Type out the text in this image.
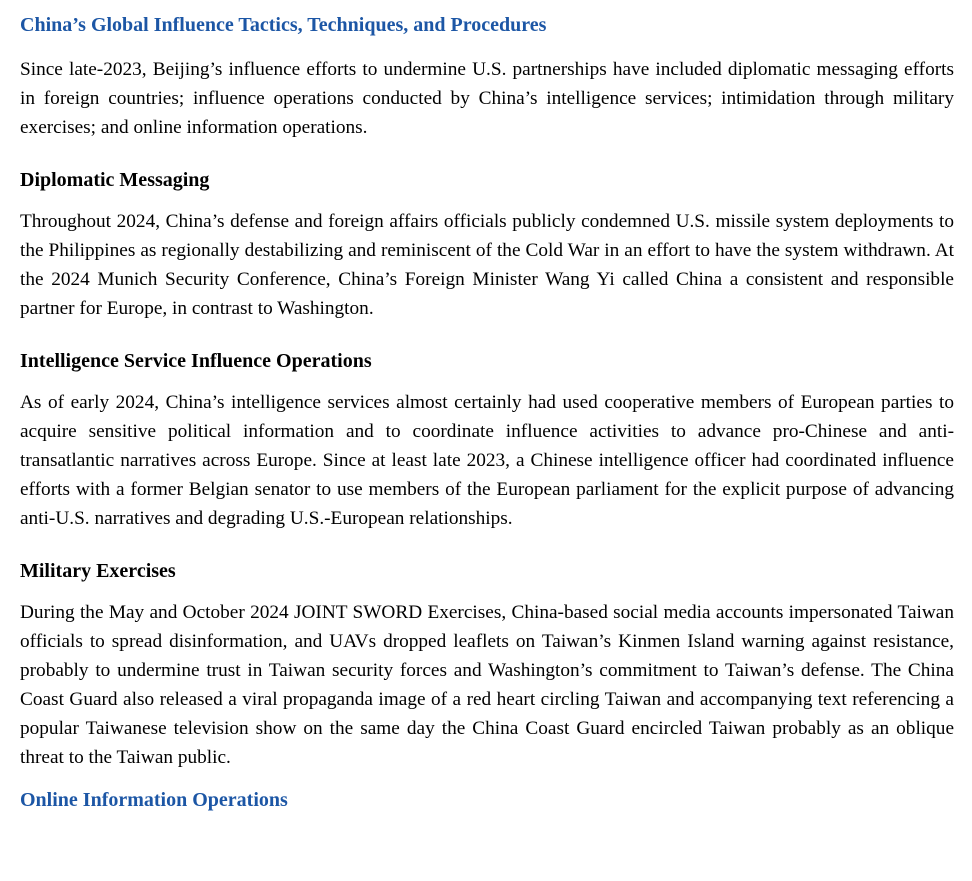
China’s Global Influence Tactics, Techniques, and Procedures

Since late-2023, Beijing’s influence efforts to undermine U.S. partnerships have included diplomatic messaging efforts in foreign countries; influence operations conducted by China’s intelligence services; intimidation through military exercises; and online information operations.

Diplomatic Messaging

Throughout 2024, China’s defense and foreign affairs officials publicly condemned U.S. missile system deployments to the Philippines as regionally destabilizing and reminiscent of the Cold War in an effort to have the system withdrawn. At the 2024 Munich Security Conference, China’s Foreign Minister Wang Yi called China a consistent and responsible partner for Europe, in contrast to Washington.

Intelligence Service Influence Operations

As of early 2024, China’s intelligence services almost certainly had used cooperative members of European parties to acquire sensitive political information and to coordinate influence activities to advance pro-Chinese and anti-transatlantic narratives across Europe. Since at least late 2023, a Chinese intelligence officer had coordinated influence efforts with a former Belgian senator to use members of the European parliament for the explicit purpose of advancing anti-U.S. narratives and degrading U.S.-European relationships.

Military Exercises

During the May and October 2024 JOINT SWORD Exercises, China-based social media accounts impersonated Taiwan officials to spread disinformation, and UAVs dropped leaflets on Taiwan’s Kinmen Island warning against resistance, probably to undermine trust in Taiwan security forces and Washington’s commitment to Taiwan’s defense. The China Coast Guard also released a viral propaganda image of a red heart circling Taiwan and accompanying text referencing a popular Taiwanese television show on the same day the China Coast Guard encircled Taiwan probably as an oblique threat to the Taiwan public.

Online Information Operations
